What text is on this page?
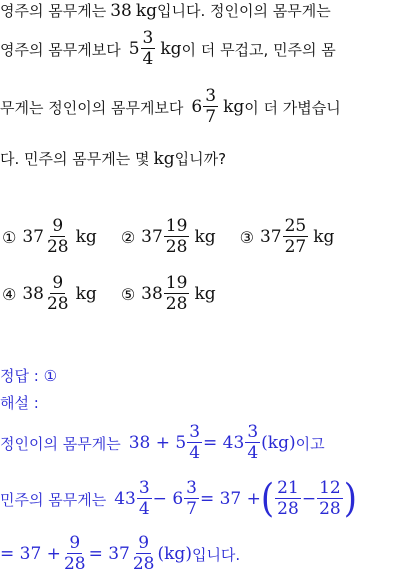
영주의 몸무게는 38 kg 입니다. 정인이의 몸무게는
영주의 몸무게보다 $5 \frac{3}{4}$ kg 이 더 무겁고, 민주의 몸
무게는 정인이의 몸무게보다 $6 \frac{3}{7}$ kg 이 더 가볍습니
다. 민주의 몸무게는 몇 kg 입니까?
① $37 \frac{9}{28}$ kg ② $37 \frac{19}{28}$ kg ③ $37 \frac{25}{27}$ kg
④ $38 \frac{9}{28}$ kg ⑤ $38 \frac{19}{28}$ kg
정답 : ①
해설 :
정인이의 몸무게는 $38 + 5 \frac{3}{4} = 43 \frac{3}{4} (kg)$ 이고
민주의 몸무게는 $43 \frac{3}{4} - 6 \frac{3}{7} = 37$ + ( $\frac{21}{28} - \frac{12}{28}$ )
= $37 + \frac{9}{28} = 37 \frac{9}{28} (kg)$ 입니다.
